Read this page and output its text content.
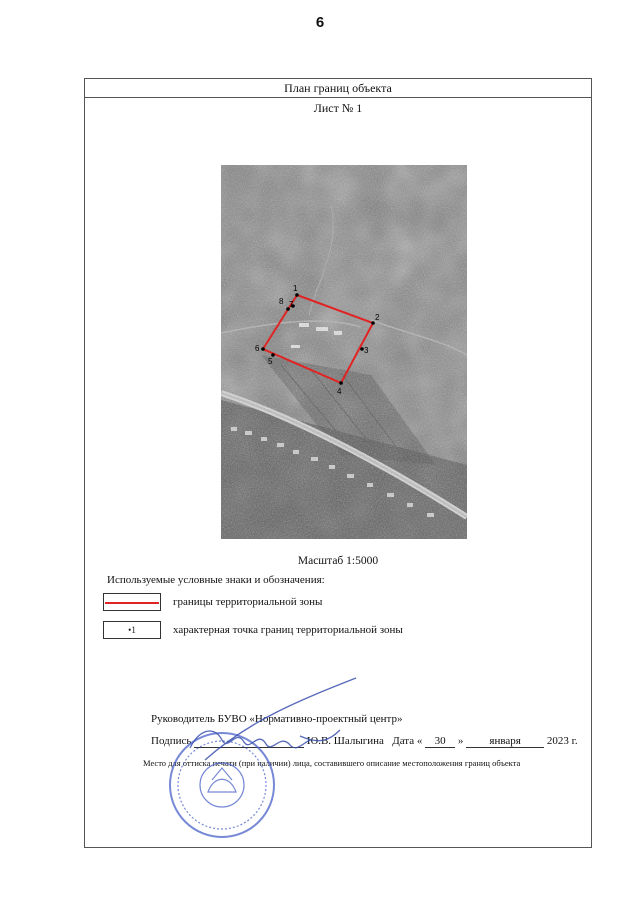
6
План границ объекта
Лист № 1
1
2
3
4
5
6
7
8
Масштаб 1:5000
Используемые условные знаки и обозначения:
границы территориальной зоны
•1	характерная точка границ территориальной зоны
Руководитель БУВО «Нормативно-проектный центр»
Подпись	Ю.В. Шалыгина Дата « 30 » января 2023 г.
Место для оттиска печати (при наличии) лица, составившего описание местоположения границ объекта
